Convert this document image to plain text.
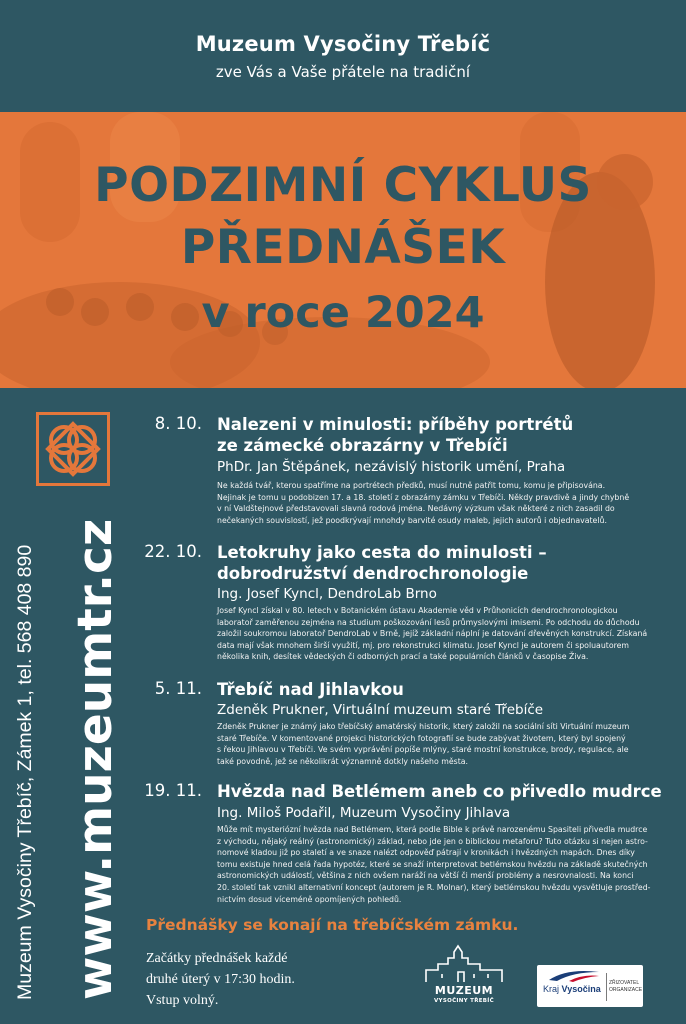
Muzeum Vysočiny Třebíč
zve Vás a Vaše přátele na tradiční
PODZIMNÍ CYKLUS
PŘEDNÁŠEK
v roce 2024
Muzeum Vysočiny Třebíč, Zámek 1, tel. 568 408 890 www.muzeumtr.cz
8. 10. Nalezeni v minulosti: příběhy portrétů
ze zámecké obrazárny v Třebíči
PhDr. Jan Štěpánek, nezávislý historik umění, Praha
Ne každá tvář, kterou spatříme na portrétech předků, musí nutně patřit tomu, komu je připisována.
Nejinak je tomu u podobizen 17. a 18. století z obrazárny zámku v Třebíči. Někdy pravdivě a jindy chybně
v ní Valdštejnové představovali slavná rodová jména. Nedávný výzkum však některé z nich zasadil do
nečekaných souvislostí, jež poodkrývají mnohdy barvité osudy maleb, jejich autorů i objednavatelů.
22. 10. Letokruhy jako cesta do minulosti –
dobrodružství dendrochronologie
Ing. Josef Kyncl, DendroLab Brno
Josef Kyncl získal v 80. letech v Botanickém ústavu Akademie věd v Průhonicích dendrochronologickou
laboratoř zaměřenou zejména na studium poškozování lesů průmyslovými imisemi. Po odchodu do důchodu
založil soukromou laboratoř DendroLab v Brně, jejíž základní náplní je datování dřevěných konstrukcí. Získaná
data mají však mnohem širší využití, mj. pro rekonstrukci klimatu. Josef Kyncl je autorem či spoluautorem
několika knih, desítek vědeckých či odborných prací a také populárních článků v časopise Živa.
5. 11. Třebíč nad Jihlavkou
Zdeněk Prukner, Virtuální muzeum staré Třebíče
Zdeněk Prukner je známý jako třebíčský amatérský historik, který založil na sociální síti Virtuální muzeum
staré Třebíče. V komentované projekci historických fotografií se bude zabývat životem, který byl spojený
s řekou Jihlavou v Třebíči. Ve svém vyprávění popíše mlýny, staré mostní konstrukce, brody, regulace, ale
také povodně, jež se několikrát významně dotkly našeho města.
19. 11. Hvězda nad Betlémem aneb co přivedlo mudrce
Ing. Miloš Podařil, Muzeum Vysočiny Jihlava
Může mít mysteriózní hvězda nad Betlémem, která podle Bible k právě narozenému Spasiteli přivedla mudrce
z východu, nějaký reálný (astronomický) základ, nebo jde jen o biblickou metaforu? Tuto otázku si nejen astro-
nomové kladou již po staletí a ve snaze nalézt odpověď pátrají v kronikách i hvězdných mapách. Dnes díky
tomu existuje hned celá řada hypotéz, které se snaží interpretovat betlémskou hvězdu na základě skutečných
astronomických událostí, většina z nich ovšem naráží na větší či menší problémy a nesrovnalosti. Na konci
20. století tak vznikl alternativní koncept (autorem je R. Molnar), který betlémskou hvězdu vysvětluje prostřed-
nictvím dosud víceméně opomíjených pohledů.
Přednášky se konají na třebíčském zámku.
Začátky přednášek každé
druhé úterý v 17:30 hodin.
Vstup volný.
MUZEUM
VYSOČINY TŘEBÍČ
Kraj Vysočina
ZŘIZOVATEL
ORGANIZACE
